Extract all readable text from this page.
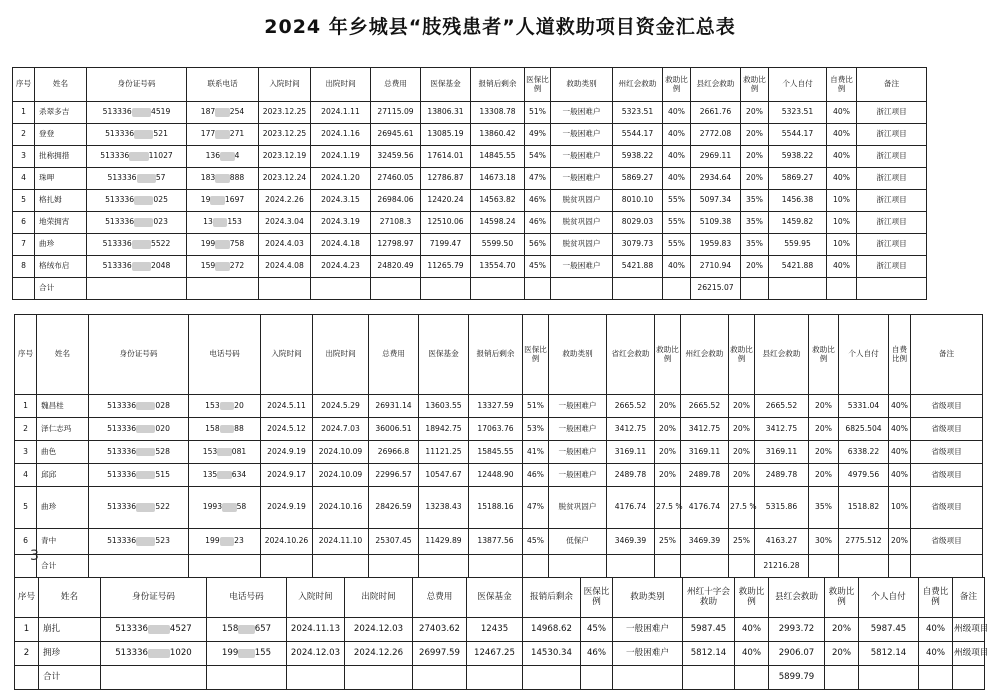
2024 年乡城县“肢残患者”人道救助项目资金汇总表
序号	姓名	身份证号码	联系电话	入院时间	出院时间	总费用	医保基金	报销后剩余	医保比例	救助类别	州红会救助	救助比例	县红会救助	救助比例	个人自付	自费比例	备注
1	杀翠多吉	513336 4519	187 254	2023.12.25	2024.1.11	27115.09	13806.31	13308.78	51%	一般困难户	5323.51	40%	2661.76	20%	5323.51	40%	浙江项目
2	登登	513336 521	177 271	2023.12.25	2024.1.16	26945.61	13085.19	13860.42	49%	一般困难户	5544.17	40%	2772.08	20%	5544.17	40%	浙江项目
3	批称拥措	513336 11027	136 4	2023.12.19	2024.1.19	32459.56	17614.01	14845.55	54%	一般困难户	5938.22	40%	2969.11	20%	5938.22	40%	浙江项目
4	珠呷	513336 57	183 888	2023.12.24	2024.1.20	27460.05	12786.87	14673.18	47%	一般困难户	5869.27	40%	2934.64	20%	5869.27	40%	浙江项目
5	格扎姆	513336 025	19 1697	2024.2.26	2024.3.15	26984.06	12420.24	14563.82	46%	脱贫巩固户	8010.10	55%	5097.34	35%	1456.38	10%	浙江项目
6	地荣拥宵	513336 023	13 153	2024.3.04	2024.3.19	27108.3	12510.06	14598.24	46%	脱贫巩固户	8029.03	55%	5109.38	35%	1459.82	10%	浙江项目
7	曲珍	513336 5522	199 758	2024.4.03	2024.4.18	12798.97	7199.47	5599.50	56%	脱贫巩固户	3079.73	55%	1959.83	35%	559.95	10%	浙江项目
8	格绒布启	513336 2048	159 272	2024.4.08	2024.4.23	24820.49	11265.79	13554.70	45%	一般困难户	5421.88	40%	2710.94	20%	5421.88	40%	浙江项目
	合计												26215.07				
3
序号	姓名	身份证号码	电话号码	入院时间	出院时间	总费用	医保基金	报销后剩余	医保比例	救助类别	省红会救助	救助比例	州红会救助	救助比例	县红会救助	救助比例	个人自付	自费比例	备注
1	魏昌桂	513336 028	153 20	2024.5.11	2024.5.29	26931.14	13603.55	13327.59	51%	一般困难户	2665.52	20%	2665.52	20%	2665.52	20%	5331.04	40%	省级项目
2	泽仁志玛	513336 020	158 88	2024.5.12	2024.7.03	36006.51	18942.75	17063.76	53%	一般困难户	3412.75	20%	3412.75	20%	3412.75	20%	6825.504	40%	省级项目
3	曲色	513336 528	153 081	2024.9.19	2024.10.09	26966.8	11121.25	15845.55	41%	一般困难户	3169.11	20%	3169.11	20%	3169.11	20%	6338.22	40%	省级项目
4	邱邱	513336 515	135 634	2024.9.17	2024.10.09	22996.57	10547.67	12448.90	46%	一般困难户	2489.78	20%	2489.78	20%	2489.78	20%	4979.56	40%	省级项目
5	曲珍	513336 522	1993 58	2024.9.19	2024.10.16	28426.59	13238.43	15188.16	47%	脱贫巩固户	4176.74	27.5 %	4176.74	27.5 %	5315.86	35%	1518.82	10%	省级项目
6	青中	513336 523	199 23	2024.10.26	2024.11.10	25307.45	11429.89	13877.56	45%	低保户	3469.39	25%	3469.39	25%	4163.27	30%	2775.512	20%	省级项目
	合计														21216.28				
序号	姓名	身份证号码	电话号码	入院时间	出院时间	总费用	医保基金	报销后剩余	医保比例	救助类别	州红十字会救助	救助比例	县红会救助	救助比例	个人自付	自费比例	备注
1	崩扎	513336 4527	158 657	2024.11.13	2024.12.03	27403.62	12435	14968.62	45%	一般困难户	5987.45	40%	2993.72	20%	5987.45	40%	州级项目
2	拥珍	513336 1020	199 155	2024.12.03	2024.12.26	26997.59	12467.25	14530.34	46%	一般困难户	5812.14	40%	2906.07	20%	5812.14	40%	州级项目
	合计												5899.79				
